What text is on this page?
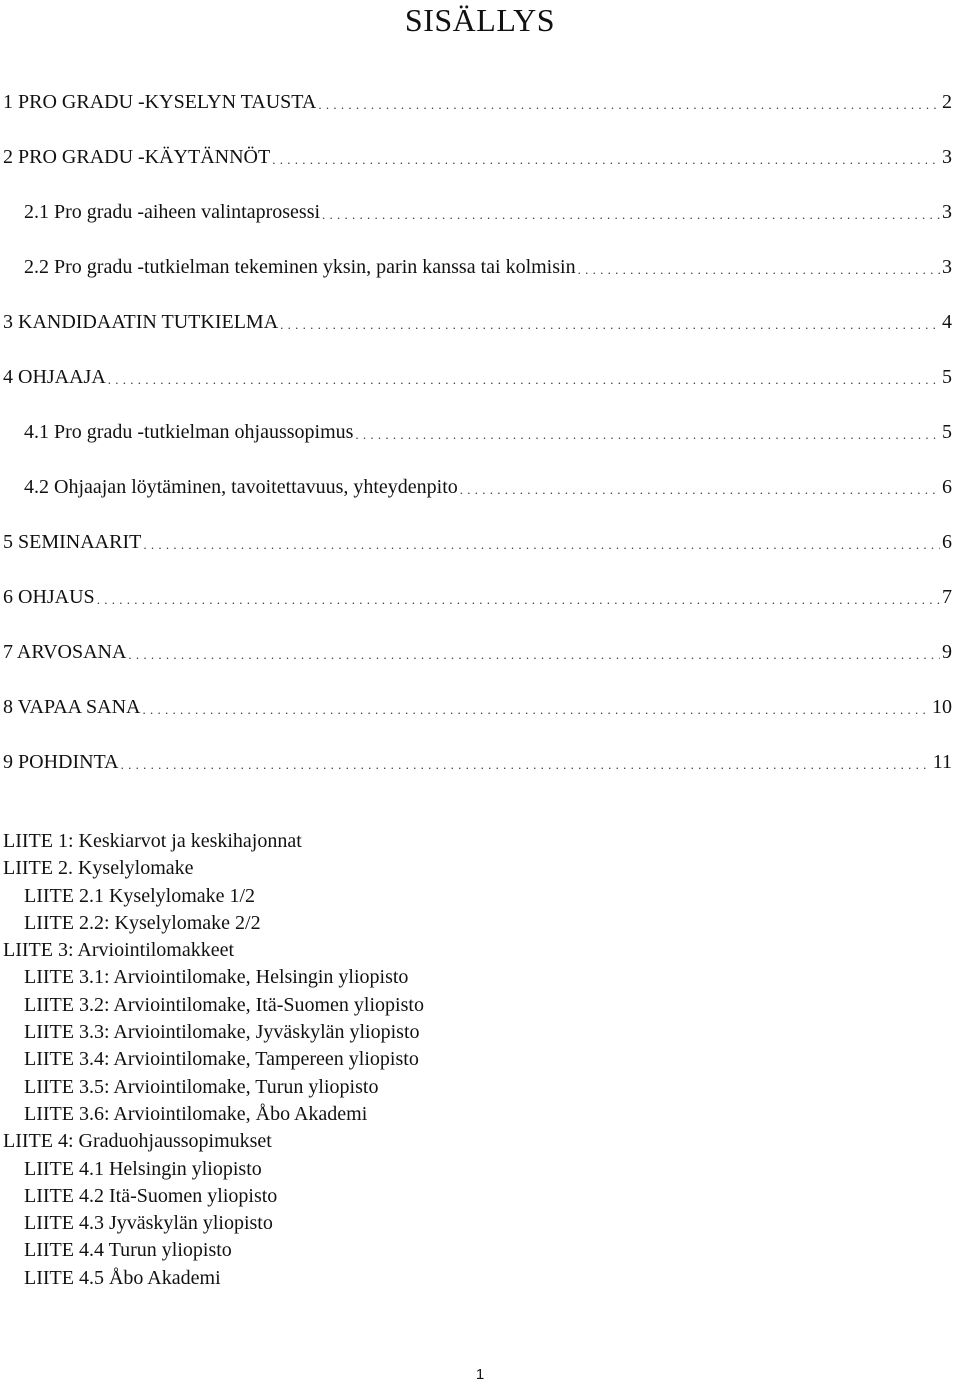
SISÄLLYS
1 PRO GRADU -KYSELYN TAUSTA . . .	2
2 PRO GRADU -KÄYTÄNNÖT . . .	3
2.1 Pro gradu -aiheen valintaprosessi . . .	3
2.2 Pro gradu -tutkielman tekeminen yksin, parin kanssa tai kolmisin . . .	3
3 KANDIDAATIN TUTKIELMA . . .	4
4 OHJAAJA . . .	5
4.1 Pro gradu -tutkielman ohjaussopimus . . .	5
4.2 Ohjaajan löytäminen, tavoitettavuus, yhteydenpito . . .	6
5 SEMINAARIT . . .	6
6 OHJAUS . . .	7
7 ARVOSANA . . .	9
8 VAPAA SANA . . .	10
9 POHDINTA . . .	11
LIITE 1: Keskiarvot ja keskihajonnat
LIITE 2. Kyselylomake
LIITE 2.1 Kyselylomake 1/2
LIITE 2.2: Kyselylomake 2/2
LIITE 3: Arviointilomakkeet
LIITE 3.1: Arviointilomake, Helsingin yliopisto
LIITE 3.2: Arviointilomake, Itä-Suomen yliopisto
LIITE 3.3: Arviointilomake, Jyväskylän yliopisto
LIITE 3.4: Arviointilomake, Tampereen yliopisto
LIITE 3.5: Arviointilomake, Turun yliopisto
LIITE 3.6: Arviointilomake, Åbo Akademi
LIITE 4: Graduohjaussopimukset
LIITE 4.1 Helsingin yliopisto
LIITE 4.2 Itä-Suomen yliopisto
LIITE 4.3 Jyväskylän yliopisto
LIITE 4.4 Turun yliopisto
LIITE 4.5 Åbo Akademi
1
